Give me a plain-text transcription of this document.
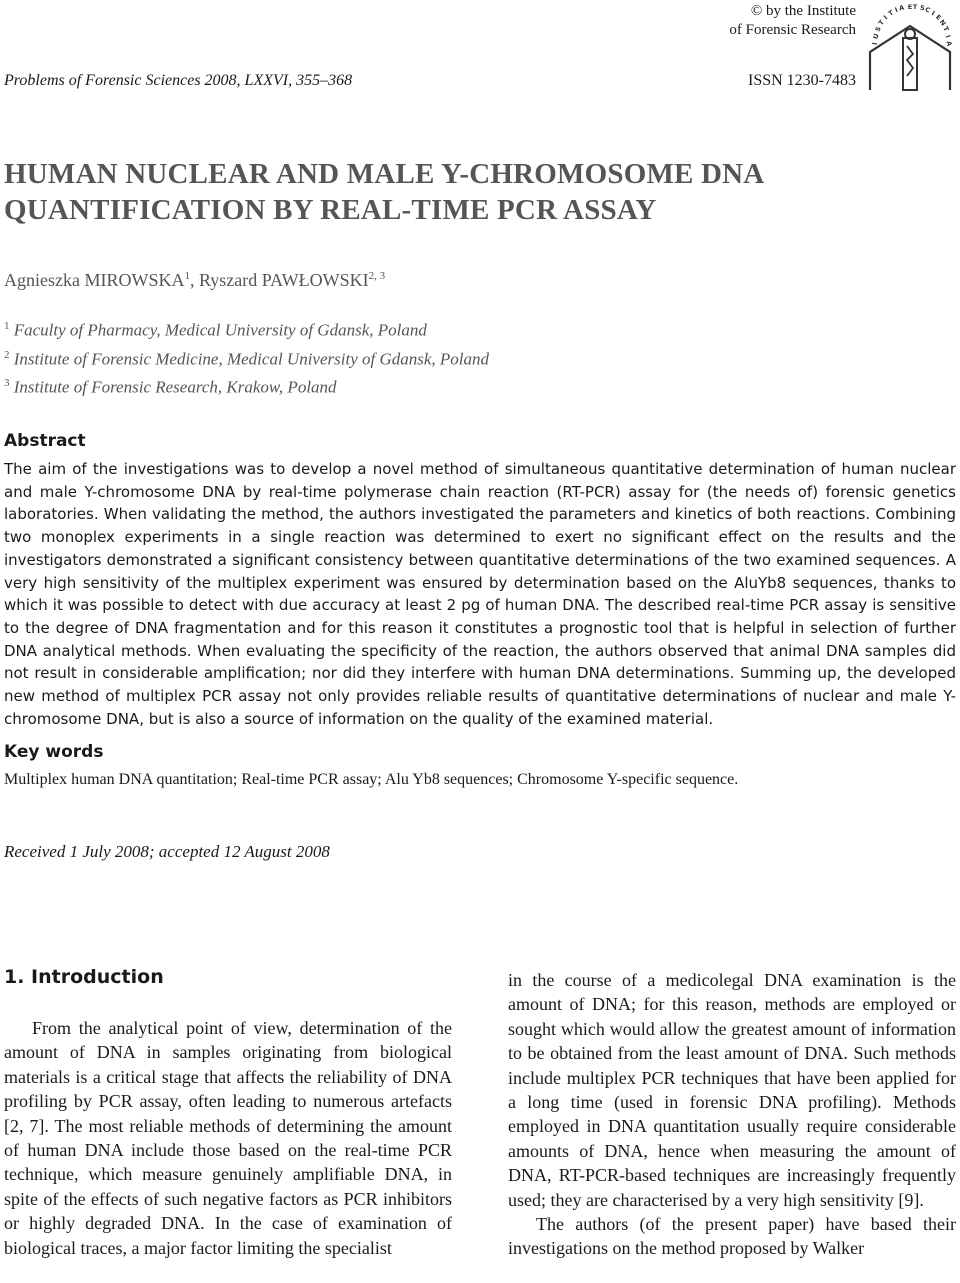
© by the Institute
of Forensic Research
I
U
S
T
I
T
I A E T S
C
I
E
N
T
I
A
Problems of Forensic Sciences 2008, LXXVI, 355–368	ISSN 1230-7483
HUMAN NUCLEAR AND MALE Y-CHROMOSOME DNA
QUANTIFICATION BY REAL-TIME PCR ASSAY
Agnieszka MIROWSKA$^1$, Ryszard PAWŁOWSKI$^{2, 3}$
$^1$ Faculty of Pharmacy, Medical University of Gdansk, Poland
$^2$ Institute of Forensic Medicine, Medical University of Gdansk, Poland
$^3$ Institute of Forensic Research, Krakow, Poland
Abstract
The aim of the investigations was to develop a novel method of simultaneous quantitative determination of human nuclear and male Y-chromosome DNA by real-time polymerase chain reaction (RT-PCR) assay for (the needs of) forensic genetics laboratories. When validating the method, the authors investigated the parameters and kinetics of both reactions. Combining two monoplex experiments in a single reaction was determined to exert no significant effect on the results and the investigators demonstrated a significant consistency between quantitative determinations of the two examined sequences. A very high sensitivity of the multiplex experiment was ensured by determination based on the AluYb8 sequences, thanks to which it was possible to detect with due accuracy at least 2 pg of human DNA. The described real-time PCR assay is sensitive to the degree of DNA fragmentation and for this reason it constitutes a prognostic tool that is helpful in selection of further DNA analytical methods. When evaluating the specificity of the reaction, the authors observed that animal DNA samples did not result in considerable amplification; nor did they interfere with human DNA determinations. Summing up, the developed new method of multiplex PCR assay not only provides reliable results of quantitative determinations of nuclear and male Y-chromosome DNA, but is also a source of information on the quality of the examined material.
Key words
Multiplex human DNA quantitation; Real-time PCR assay; Alu Yb8 sequences; Chromosome Y-specific sequence.
Received 1 July 2008; accepted 12 August 2008
1. Introduction
From the analytical point of view, determination of the amount of DNA in samples originating from biological materials is a critical stage that affects the reliability of DNA profiling by PCR assay, often leading to numerous artefacts [2, 7]. The most reliable methods of determining the amount of human DNA include those based on the real-time PCR technique, which measure genuinely amplifiable DNA, in spite of the effects of such negative factors as PCR inhibitors or highly degraded DNA. In the case of examination of biological traces, a major factor limiting the specialist

in the course of a medicolegal DNA examination is the amount of DNA; for this reason, methods are employed or sought which would allow the greatest amount of information to be obtained from the least amount of DNA. Such methods include multiplex PCR techniques that have been applied for a long time (used in forensic DNA profiling). Methods employed in DNA quantitation usually require considerable amounts of DNA, hence when measuring the amount of DNA, RT-PCR-based techniques are increasingly frequently used; they are characterised by a very high sensitivity [9].

The authors (of the present paper) have based their investigations on the method proposed by Walker
